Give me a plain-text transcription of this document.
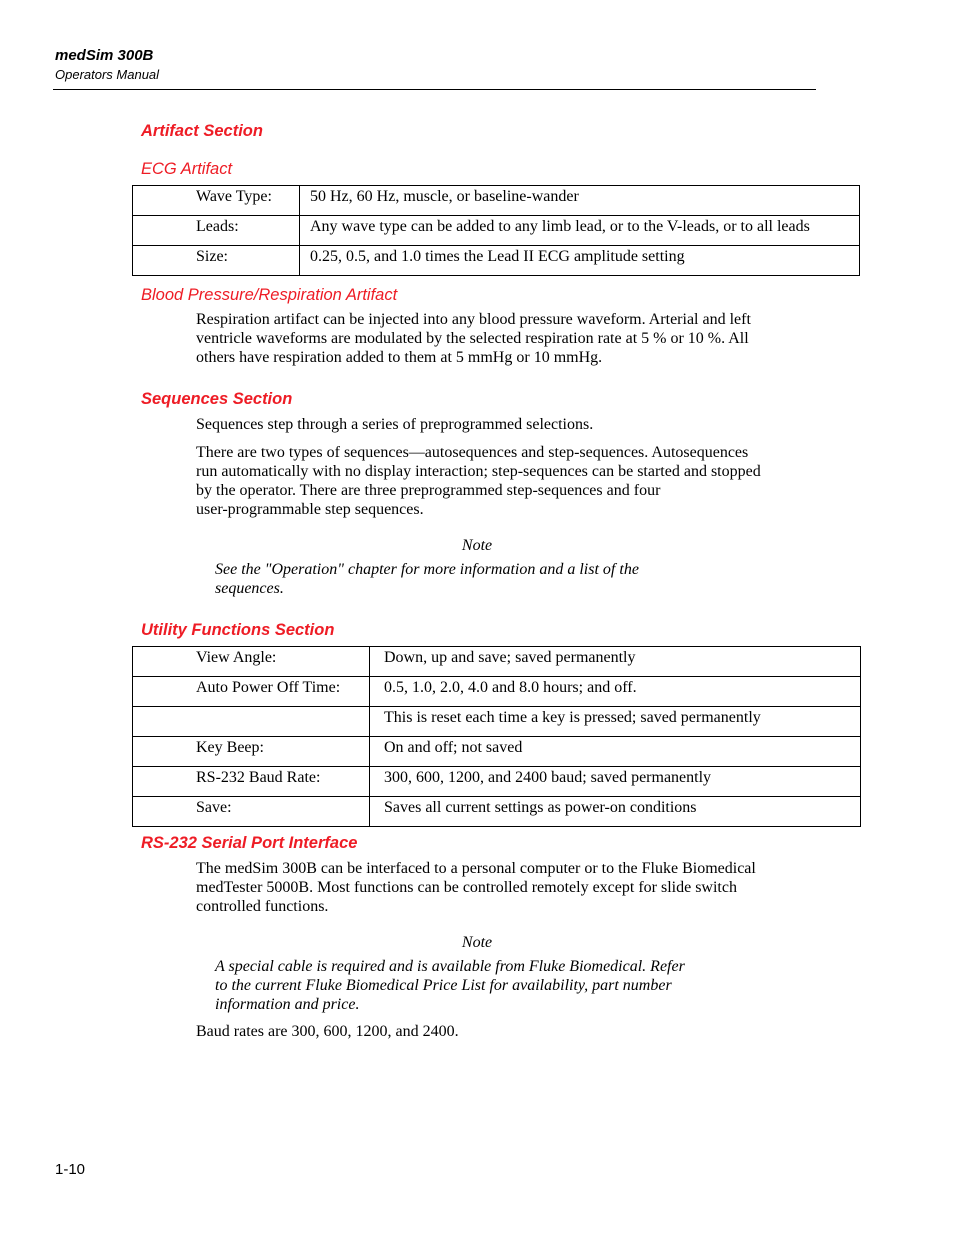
medSim 300B
Operators Manual
Artifact Section
ECG Artifact
Wave Type:	50 Hz, 60 Hz, muscle, or baseline-wander
Leads:	Any wave type can be added to any limb lead, or to the V-leads, or to all leads
Size:	0.25, 0.5, and 1.0 times the Lead II ECG amplitude setting
Blood Pressure/Respiration Artifact
Respiration artifact can be injected into any blood pressure waveform. Arterial and left
ventricle waveforms are modulated by the selected respiration rate at 5 % or 10 %. All
others have respiration added to them at 5 mmHg or 10 mmHg.
Sequences Section
Sequences step through a series of preprogrammed selections.
There are two types of sequences—autosequences and step-sequences. Autosequences
run automatically with no display interaction; step-sequences can be started and stopped
by the operator. There are three preprogrammed step-sequences and four
user-programmable step sequences.
Note
See the "Operation" chapter for more information and a list of the
sequences.
Utility Functions Section
View Angle:	Down, up and save; saved permanently
Auto Power Off Time:	0.5, 1.0, 2.0, 4.0 and 8.0 hours; and off.
	This is reset each time a key is pressed; saved permanently
Key Beep:	On and off; not saved
RS-232 Baud Rate:	300, 600, 1200, and 2400 baud; saved permanently
Save:	Saves all current settings as power-on conditions
RS-232 Serial Port Interface
The medSim 300B can be interfaced to a personal computer or to the Fluke Biomedical
medTester 5000B. Most functions can be controlled remotely except for slide switch
controlled functions.
Note
A special cable is required and is available from Fluke Biomedical. Refer
to the current Fluke Biomedical Price List for availability, part number
information and price.
Baud rates are 300, 600, 1200, and 2400.
1-10
